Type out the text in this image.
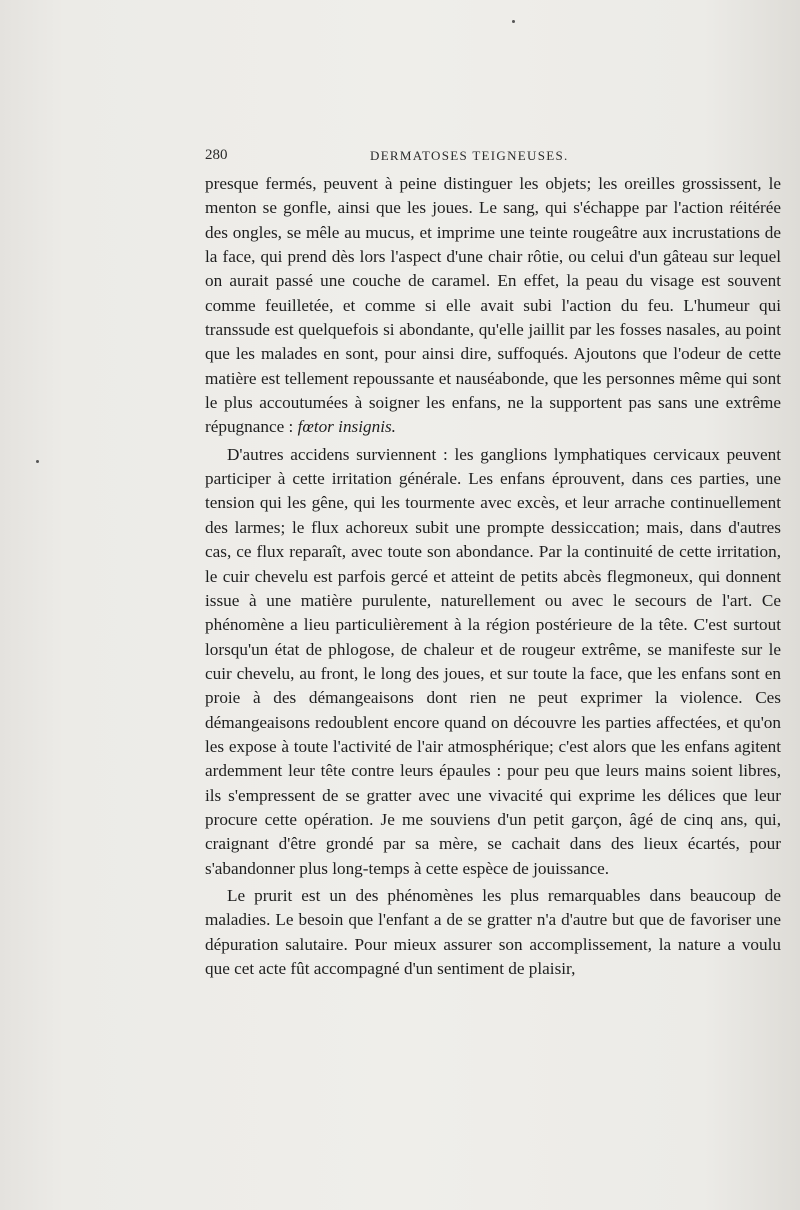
280	DERMATOSES TEIGNEUSES.

presque fermés, peuvent à peine distinguer les objets; les oreilles grossissent, le menton se gonfle, ainsi que les joues. Le sang, qui s'échappe par l'action réitérée des ongles, se mêle au mucus, et imprime une teinte rougeâtre aux incrustations de la face, qui prend dès lors l'aspect d'une chair rôtie, ou celui d'un gâteau sur lequel on aurait passé une couche de caramel. En effet, la peau du visage est souvent comme feuilletée, et comme si elle avait subi l'action du feu. L'humeur qui transsude est quelquefois si abondante, qu'elle jaillit par les fosses nasales, au point que les malades en sont, pour ainsi dire, suffoqués. Ajoutons que l'odeur de cette matière est tellement repoussante et nauséabonde, que les personnes même qui sont le plus accoutumées à soigner les enfans, ne la supportent pas sans une extrême répugnance : fœtor insignis.

D'autres accidens surviennent : les ganglions lymphatiques cervicaux peuvent participer à cette irritation générale. Les enfans éprouvent, dans ces parties, une tension qui les gêne, qui les tourmente avec excès, et leur arrache continuellement des larmes; le flux achoreux subit une prompte dessiccation; mais, dans d'autres cas, ce flux reparaît, avec toute son abondance. Par la continuité de cette irritation, le cuir chevelu est parfois gercé et atteint de petits abcès flegmoneux, qui donnent issue à une matière purulente, naturellement ou avec le secours de l'art. Ce phénomène a lieu particulièrement à la région postérieure de la tête. C'est surtout lorsqu'un état de phlogose, de chaleur et de rougeur extrême, se manifeste sur le cuir chevelu, au front, le long des joues, et sur toute la face, que les enfans sont en proie à des démangeaisons dont rien ne peut exprimer la violence. Ces démangeaisons redoublent encore quand on découvre les parties affectées, et qu'on les expose à toute l'activité de l'air atmosphérique; c'est alors que les enfans agitent ardemment leur tête contre leurs épaules : pour peu que leurs mains soient libres, ils s'empressent de se gratter avec une vivacité qui exprime les délices que leur procure cette opération. Je me souviens d'un petit garçon, âgé de cinq ans, qui, craignant d'être grondé par sa mère, se cachait dans des lieux écartés, pour s'abandonner plus long-temps à cette espèce de jouissance.

Le prurit est un des phénomènes les plus remarquables dans beaucoup de maladies. Le besoin que l'enfant a de se gratter n'a d'autre but que de favoriser une dépuration salutaire. Pour mieux assurer son accomplissement, la nature a voulu que cet acte fût accompagné d'un sentiment de plaisir,
